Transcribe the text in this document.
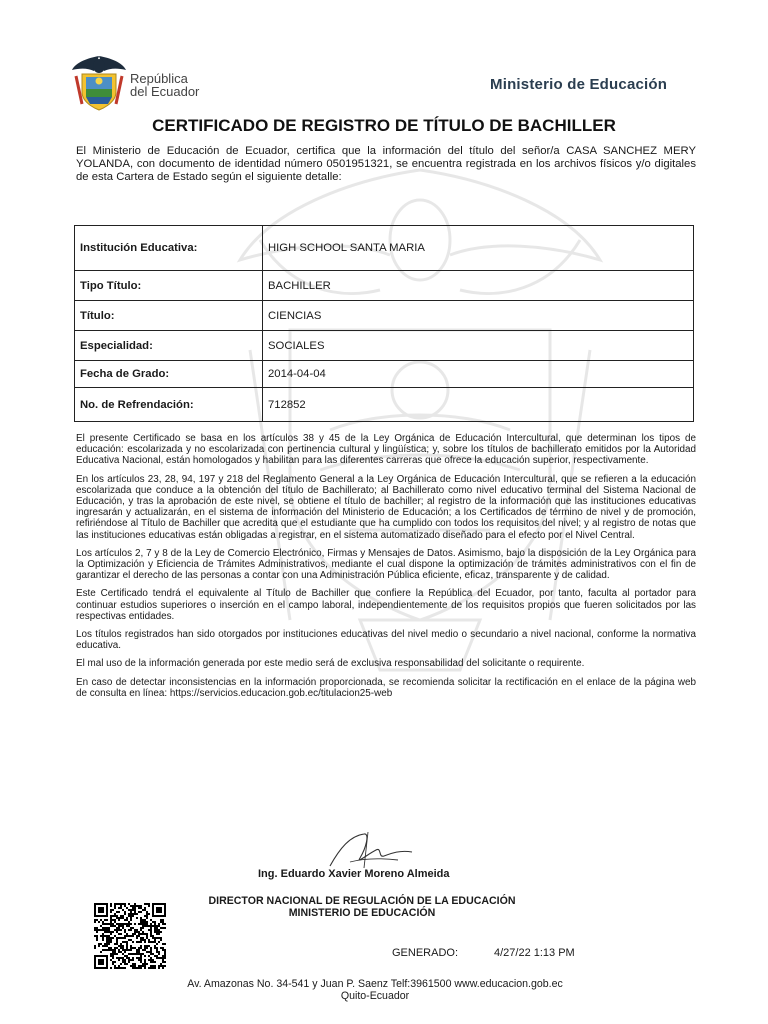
República
del Ecuador	Ministerio de Educación
CERTIFICADO DE REGISTRO DE TÍTULO DE BACHILLER
El Ministerio de Educación de Ecuador, certifica que la información del título del señor/a CASA SANCHEZ MERY YOLANDA, con documento de identidad número 0501951321, se encuentra registrada en los archivos físicos y/o digitales de esta Cartera de Estado según el siguiente detalle:
Institución Educativa:	HIGH SCHOOL SANTA MARIA
Tipo Título:	BACHILLER
Título:	CIENCIAS
Especialidad:	SOCIALES
Fecha de Grado:	2014-04-04
No. de Refrendación:	712852

El presente Certificado se basa en los artículos 38 y 45 de la Ley Orgánica de Educación Intercultural, que determinan los tipos de educación: escolarizada y no escolarizada con pertinencia cultural y lingüística; y, sobre los títulos de bachillerato emitidos por la Autoridad Educativa Nacional, están homologados y habilitan para las diferentes carreras que ofrece la educación superior, respectivamente.

En los artículos 23, 28, 94, 197 y 218 del Reglamento General a la Ley Orgánica de Educación Intercultural, que se refieren a la educación escolarizada que conduce a la obtención del título de Bachillerato; al Bachillerato como nivel educativo terminal del Sistema Nacional de Educación, y tras la aprobación de este nivel, se obtiene el título de bachiller; al registro de la información que las instituciones educativas ingresarán y actualizarán, en el sistema de información del Ministerio de Educación; a los Certificados de término de nivel y de promoción, refiriéndose al Título de Bachiller que acredita que el estudiante que ha cumplido con todos los requisitos del nivel; y al registro de notas que las instituciones educativas están obligadas a registrar, en el sistema automatizado diseñado para el efecto por el Nivel Central.

Los artículos 2, 7 y 8 de la Ley de Comercio Electrónico, Firmas y Mensajes de Datos. Asimismo, bajo la disposición de la Ley Orgánica para la Optimización y Eficiencia de Trámites Administrativos, mediante el cual dispone la optimización de trámites administrativos con el fin de garantizar el derecho de las personas a contar con una Administración Pública eficiente, eficaz, transparente y de calidad.

Este Certificado tendrá el equivalente al Título de Bachiller que confiere la República del Ecuador, por tanto, faculta al portador para continuar estudios superiores o inserción en el campo laboral, independientemente de los requisitos propios que fueren solicitados por las respectivas entidades.

Los títulos registrados han sido otorgados por instituciones educativas del nivel medio o secundario a nivel nacional, conforme la normativa educativa.

El mal uso de la información generada por este medio será de exclusiva responsabilidad del solicitante o requirente.

En caso de detectar inconsistencias en la información proporcionada, se recomienda solicitar la rectificación en el enlace de la página web de consulta en línea: https://servicios.educacion.gob.ec/titulacion25-web

Ing. Eduardo Xavier Moreno Almeida
DIRECTOR NACIONAL DE REGULACIÓN DE LA EDUCACIÓN
MINISTERIO DE EDUCACIÓN
GENERADO:	4/27/22 1:13 PM
Av. Amazonas No. 34-541 y Juan P. Saenz Telf:3961500 www.educacion.gob.ec
Quito-Ecuador
